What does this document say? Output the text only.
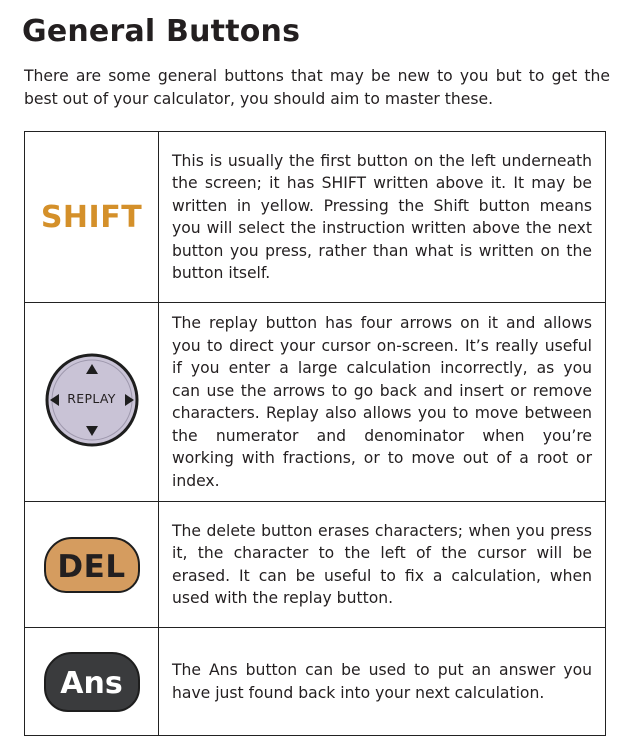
General Buttons

There are some general buttons that may be new to you but to get the best out of your calculator, you should aim to master these.

SHIFT	This is usually the first button on the left underneath the screen; it has SHIFT written above it. It may be written in yellow. Pressing the Shift button means you will select the instruction written above the next button you press, rather than what is written on the button itself.

REPLAY	The replay button has four arrows on it and allows you to direct your cursor on-screen. It’s really useful if you enter a large calculation incorrectly, as you can use the arrows to go back and insert or remove characters. Replay also allows you to move between the numerator and denominator when you’re working with fractions, or to move out of a root or index.
DEL	The delete button erases characters; when you press it, the character to the left of the cursor will be erased. It can be useful to fix a calculation, when used with the replay button.
Ans	The Ans button can be used to put an answer you have just found back into your next calculation.
